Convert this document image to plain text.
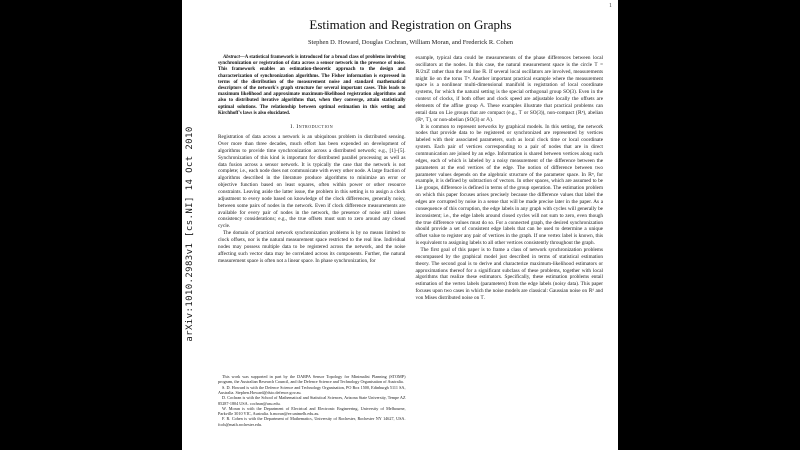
arXiv:1010.2983v1 [cs.NI] 14 Oct 2010
1
Estimation and Registration on Graphs
Stephen D. Howard, Douglas Cochran, William Moran, and Frederick R. Cohen

Abstract—A statistical framework is introduced for a broad class of problems involving synchronization or registration of data across a sensor network in the presence of noise. This framework enables an estimation-theoretic approach to the design and characterization of synchronization algorithms. The Fisher information is expressed in terms of the distribution of the measurement noise and standard mathematical descriptors of the network's graph structure for several important cases. This leads to maximum likelihood and approximate maximum-likelihood registration algorithms and also to distributed iterative algorithms that, when they converge, attain statistically optimal solutions. The relationship between optimal estimation in this setting and Kirchhoff's laws is also elucidated.

I. Introduction

Registration of data across a network is an ubiquitous problem in distributed sensing. Over more than three decades, much effort has been expended on development of algorithms to provide time synchronization across a distributed network; e.g., [1]–[5]. Synchronization of this kind is important for distributed parallel processing as well as data fusion across a sensor network. It is typically the case that the network is not complete; i.e., each node does not communicate with every other node. A large fraction of algorithms described in the literature produce algorithms to minimize an error or objective function based on least squares, often within power or other resource constraints. Leaving aside the latter issue, the problem in this setting is to assign a clock adjustment to every node based on knowledge of the clock differences, generally noisy, between some pairs of nodes in the network. Even if clock difference measurements are available for every pair of nodes in the network, the presence of noise still raises consistency considerations; e.g., the true offsets must sum to zero around any closed cycle.

The domain of practical network synchronization problems is by no means limited to clock offsets, nor is the natural measurement space restricted to the real line. Individual nodes may possess multiple data to be registered across the network, and the noise affecting such vector data may be correlated across its components. Further, the natural measurement space is often not a linear space. In phase synchronization, for

This work was supported in part by the DARPA Sensor Topology for Minimalist Planning (STOMP) program, the Australian Research Council, and the Defence Science and Technology Organisation of Australia.

S. D. Howard is with the Defence Science and Technology Organisation, PO Box 1500, Edinburgh 5111 SA, Australia. Stephen.Howard@dsto.defence.gov.au.

D. Cochran is with the School of Mathematical and Statistical Sciences, Arizona State University, Tempe AZ 85287-1804 USA. cochran@asu.edu.

W. Moran is with the Department of Electrical and Electronic Engineering, University of Melbourne, Parkville 3010 VIC, Australia. b.moran@ee.unimelb.edu.au.

F. R. Cohen is with the Department of Mathematics, University of Rochester, Rochester NY 14627, USA. fcoh@math.rochester.edu.

example, typical data could be measurements of the phase differences between local oscillators at the nodes. In this case, the natural measurement space is the circle 𝕋 = ℝ/2πℤ rather than the real line ℝ. If several local oscillators are involved, measurements might lie on the torus 𝕋ⁿ. Another important practical example where the measurement space is a nonlinear multi-dimensional manifold is registration of local coordinate systems, for which the natural setting is the special orthogonal group SO(3). Even in the context of clocks, if both offset and clock speed are adjustable locally the offsets are elements of the affine group 𝔸. These examples illustrate that practical problems can entail data on Lie groups that are compact (e.g., 𝕋 or SO(3)), non-compact (ℝⁿ), abelian (ℝⁿ, 𝕋), or non-abelian (SO(3) or 𝔸).

It is common to represent networks by graphical models. In this setting, the network nodes that provide data to be registered or synchronized are represented by vertices labeled with their associated parameters, such as local clock time or local coordinate system. Each pair of vertices corresponding to a pair of nodes that are in direct communication are joined by an edge. Information is shared between vertices along such edges, each of which is labeled by a noisy measurement of the difference between the parameters at the end vertices of the edge. The notion of difference between two parameter values depends on the algebraic structure of the parameter space. In ℝⁿ, for example, it is defined by subtraction of vectors. In other spaces, which are assumed to be Lie groups, difference is defined in terms of the group operation. The estimation problem on which this paper focuses arises precisely because the difference values that label the edges are corrupted by noise in a sense that will be made precise later in the paper. As a consequence of this corruption, the edge labels in any graph with cycles will generally be inconsistent; i.e., the edge labels around closed cycles will not sum to zero, even though the true difference values must do so. For a connected graph, the desired synchronization should provide a set of consistent edge labels that can be used to determine a unique offset value to register any pair of vertices in the graph. If one vertex label is known, this is equivalent to assigning labels to all other vertices consistently throughout the graph.

The first goal of this paper is to frame a class of network synchronization problems encompassed by the graphical model just described in terms of statistical estimation theory. The second goal is to derive and characterize maximum-likelihood estimators or approximations thereof for a significant subclass of these problems, together with local algorithms that realize these estimators. Specifically, these estimation problems entail estimation of the vertex labels (parameters) from the edge labels (noisy data). This paper focuses upon two cases in which the noise models are classical: Gaussian noise on ℝᵈ and von Mises distributed noise on 𝕋.
